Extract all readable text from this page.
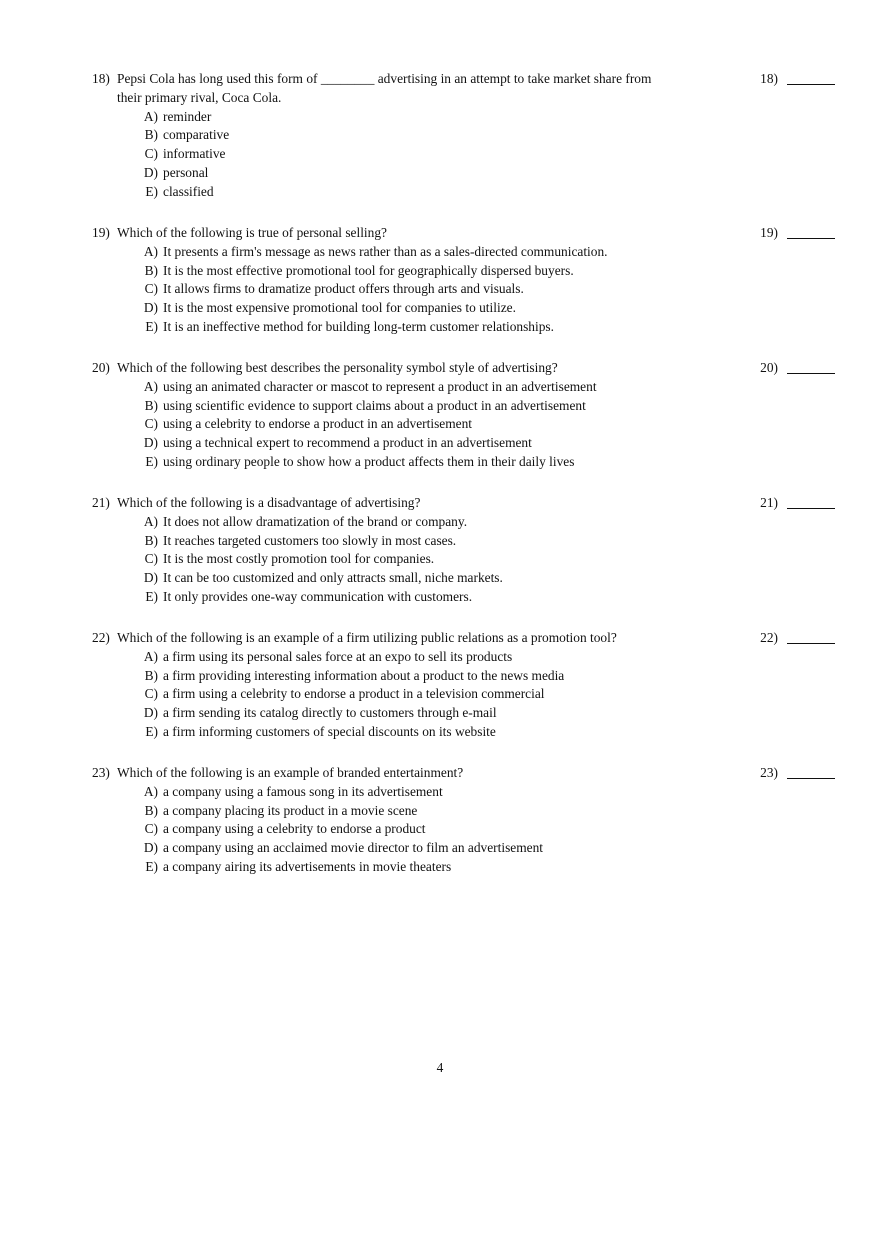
18) Pepsi Cola has long used this form of ________ advertising in an attempt to take market share from their primary rival, Coca Cola.
18)
A) reminder
B) comparative
C) informative
D) personal
E) classified
19) Which of the following is true of personal selling?	19)
A) It presents a firm's message as news rather than as a sales-directed communication.
B) It is the most effective promotional tool for geographically dispersed buyers.
C) It allows firms to dramatize product offers through arts and visuals.
D) It is the most expensive promotional tool for companies to utilize.
E) It is an ineffective method for building long-term customer relationships.
20) Which of the following best describes the personality symbol style of advertising?	20)
A) using an animated character or mascot to represent a product in an advertisement
B) using scientific evidence to support claims about a product in an advertisement
C) using a celebrity to endorse a product in an advertisement
D) using a technical expert to recommend a product in an advertisement
E) using ordinary people to show how a product affects them in their daily lives
21) Which of the following is a disadvantage of advertising?	21)
A) It does not allow dramatization of the brand or company.
B) It reaches targeted customers too slowly in most cases.
C) It is the most costly promotion tool for companies.
D) It can be too customized and only attracts small, niche markets.
E) It only provides one-way communication with customers.
22) Which of the following is an example of a firm utilizing public relations as a promotion tool?	22)
A) a firm using its personal sales force at an expo to sell its products
B) a firm providing interesting information about a product to the news media
C) a firm using a celebrity to endorse a product in a television commercial
D) a firm sending its catalog directly to customers through e-mail
E) a firm informing customers of special discounts on its website
23) Which of the following is an example of branded entertainment?	23)
A) a company using a famous song in its advertisement
B) a company placing its product in a movie scene
C) a company using a celebrity to endorse a product
D) a company using an acclaimed movie director to film an advertisement
E) a company airing its advertisements in movie theaters
4
